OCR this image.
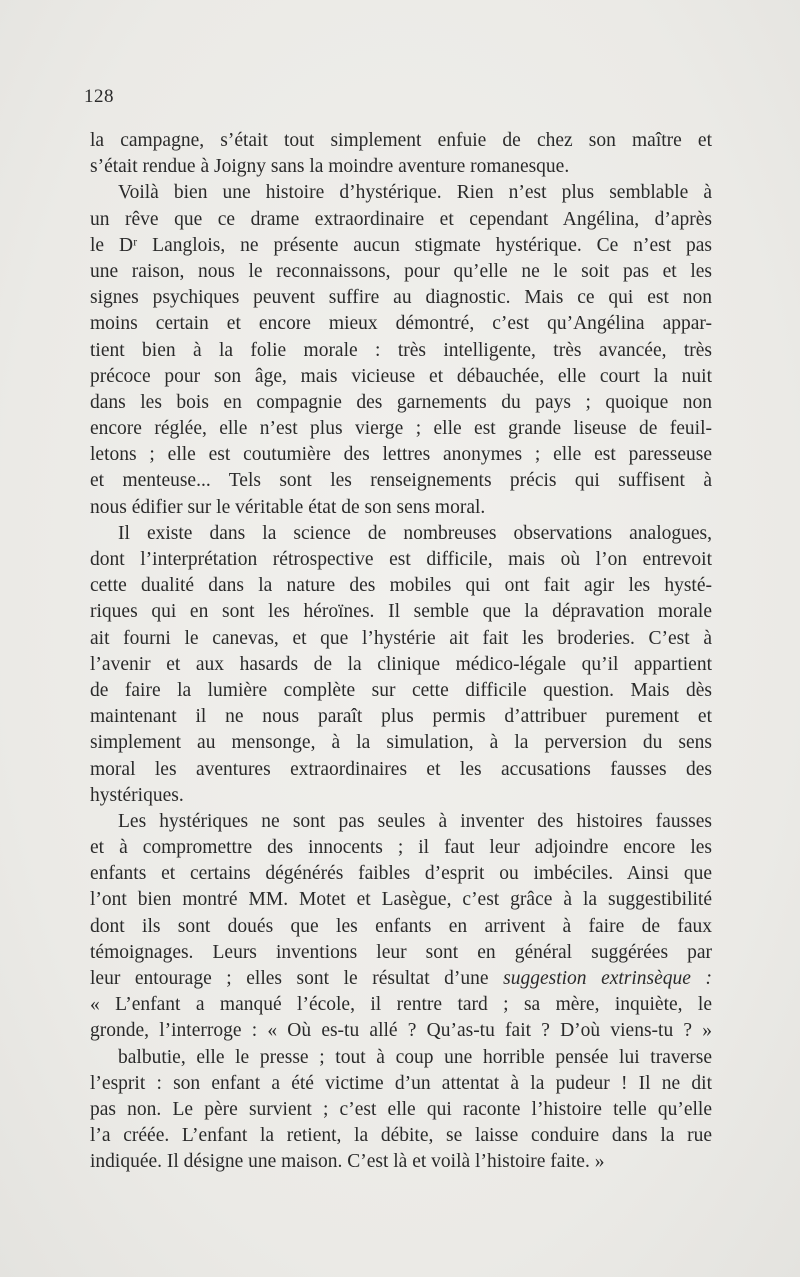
128
la campagne, s’était tout simplement enfuie de chez son maître et
s’était rendue à Joigny sans la moindre aventure romanesque.
Voilà bien une histoire d’hystérique. Rien n’est plus semblable à
un rêve que ce drame extraordinaire et cependant Angélina, d’après
le Dʳ Langlois, ne présente aucun stigmate hystérique. Ce n’est pas
une raison, nous le reconnaissons, pour qu’elle ne le soit pas et les
signes psychiques peuvent suffire au diagnostic. Mais ce qui est non
moins certain et encore mieux démontré, c’est qu’Angélina appar-
tient bien à la folie morale : très intelligente, très avancée, très
précoce pour son âge, mais vicieuse et débauchée, elle court la nuit
dans les bois en compagnie des garnements du pays ; quoique non
encore réglée, elle n’est plus vierge ; elle est grande liseuse de feuil-
letons ; elle est coutumière des lettres anonymes ; elle est paresseuse
et menteuse... Tels sont les renseignements précis qui suffisent à
nous édifier sur le véritable état de son sens moral.
Il existe dans la science de nombreuses observations analogues,
dont l’interprétation rétrospective est difficile, mais où l’on entrevoit
cette dualité dans la nature des mobiles qui ont fait agir les hysté-
riques qui en sont les héroïnes. Il semble que la dépravation morale
ait fourni le canevas, et que l’hystérie ait fait les broderies. C’est à
l’avenir et aux hasards de la clinique médico-légale qu’il appartient
de faire la lumière complète sur cette difficile question. Mais dès
maintenant il ne nous paraît plus permis d’attribuer purement et
simplement au mensonge, à la simulation, à la perversion du sens
moral les aventures extraordinaires et les accusations fausses des
hystériques.
Les hystériques ne sont pas seules à inventer des histoires fausses
et à compromettre des innocents ; il faut leur adjoindre encore les
enfants et certains dégénérés faibles d’esprit ou imbéciles. Ainsi que
l’ont bien montré MM. Motet et Lasègue, c’est grâce à la suggestibilité
dont ils sont doués que les enfants en arrivent à faire de faux
témoignages. Leurs inventions leur sont en général suggérées par
leur entourage ; elles sont le résultat d’une suggestion extrinsèque :
« L’enfant a manqué l’école, il rentre tard ; sa mère, inquiète, le
gronde, l’interroge : « Où es-tu allé ? Qu’as-tu fait ? D’où viens-tu ? »
balbutie, elle le presse ; tout à coup une horrible pensée lui traverse
l’esprit : son enfant a été victime d’un attentat à la pudeur ! Il ne dit
pas non. Le père survient ; c’est elle qui raconte l’histoire telle qu’elle
l’a créée. L’enfant la retient, la débite, se laisse conduire dans la rue
indiquée. Il désigne une maison. C’est là et voilà l’histoire faite. »
